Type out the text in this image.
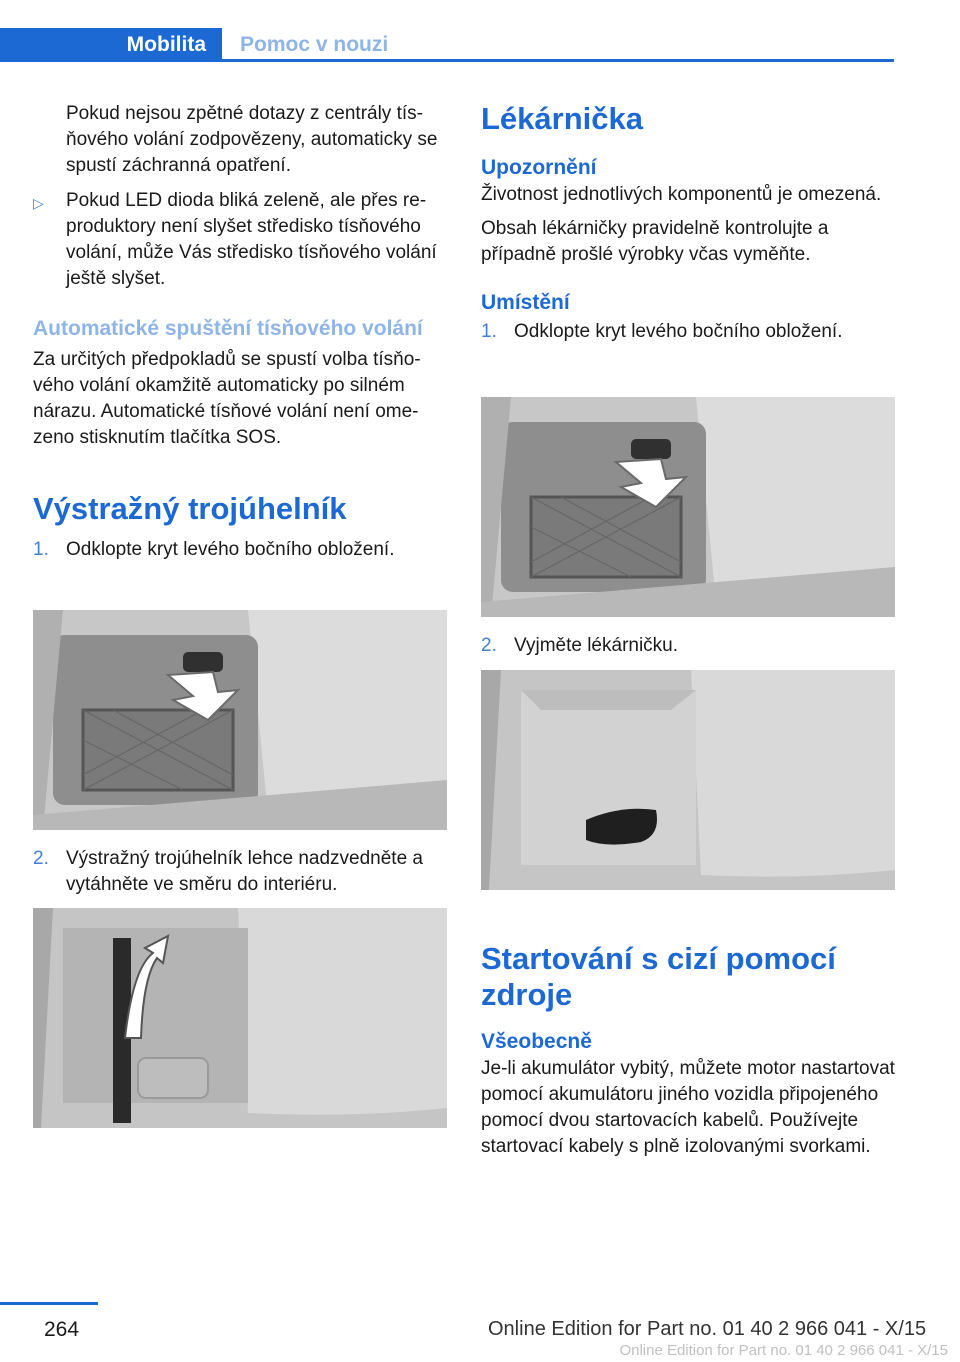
Mobilita Pomoc v nouzi

Pokud nejsou zpětné dotazy z centrály tísňového volání zodpovězeny, automaticky se spustí záchranná opatření.

▷ Pokud LED dioda bliká zeleně, ale přes reproduktory není slyšet středisko tísňového volání, může Vás středisko tísňového volání ještě slyšet.
Automatické spuštění tísňového volání

Za určitých předpokladů se spustí volba tísňového volání okamžitě automaticky po silném nárazu. Automatické tísňové volání není omezeno stisknutím tlačítka SOS.

Výstražný trojúhelník
1. Odklopte kryt levého bočního obložení.
2. Výstražný trojúhelník lehce nadzvedněte a vytáhněte ve směru do interiéru.
Lékárnička
Upozornění

Životnost jednotlivých komponentů je omezená.

Obsah lékárničky pravidelně kontrolujte a případně prošlé výrobky včas vyměňte.

Umístění
1. Odklopte kryt levého bočního obložení.
2. Vyjměte lékárničku.
Startování s cizí pomocí zdroje
Všeobecně

Je-li akumulátor vybitý, můžete motor nastartovat pomocí akumulátoru jiného vozidla připojeného pomocí dvou startovacích kabelů. Používejte startovací kabely s plně izolovanými svorkami.

264	Online Edition for Part no. 01 40 2 966 041 - X/15
Online Edition for Part no. 01 40 2 966 041 - X/15
